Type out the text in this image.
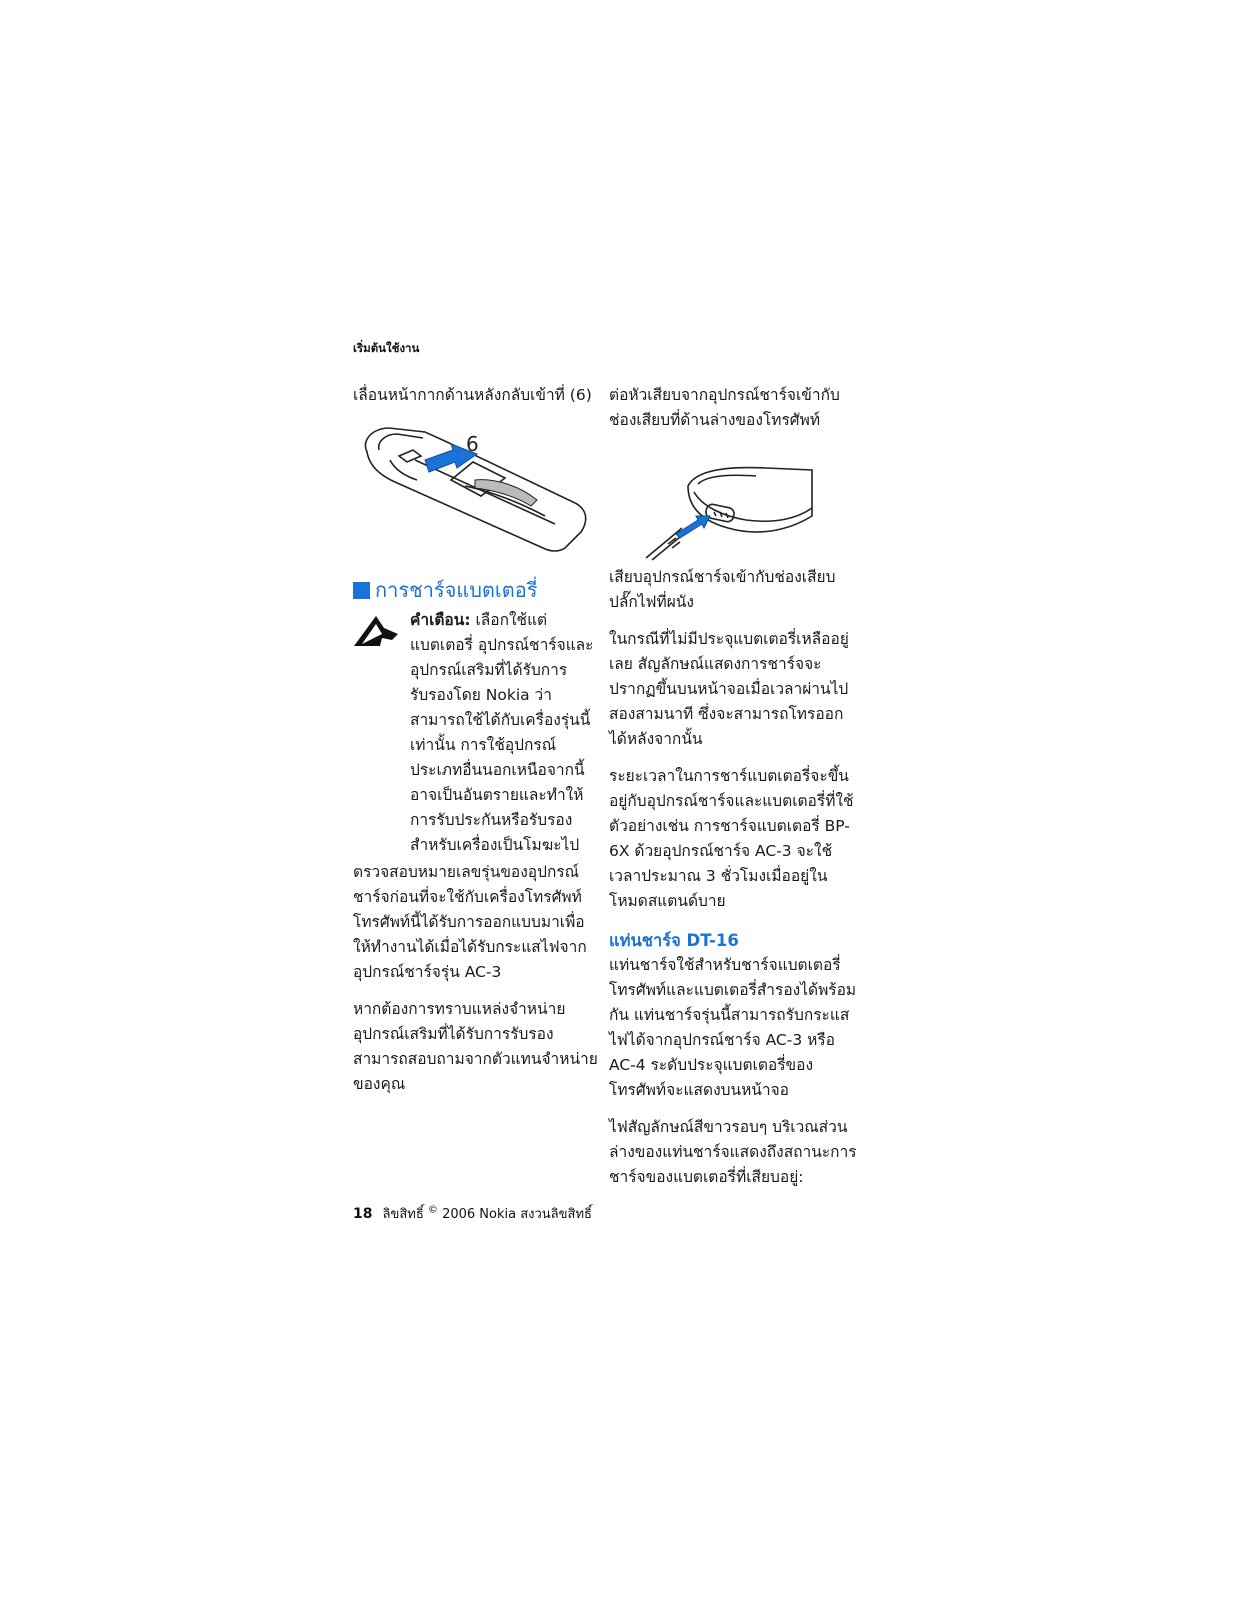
เริ่มต้นใช้งาน

เลื่อนหน้ากากด้านหลังกลับเข้าที่ (6)

6
การชาร์จแบตเตอรี่
คำเตือน: เลือกใช้แต่แบตเตอรี่ อุปกรณ์ชาร์จและอุปกรณ์เสริมที่ได้รับการรับรองโดย Nokia ว่าสามารถใช้ได้กับเครื่องรุ่นนี้เท่านั้น การใช้อุปกรณ์ประเภทอื่นนอกเหนือจากนี้ อาจเป็นอันตรายและทำให้การรับประกันหรือรับรองสำหรับเครื่องเป็นโมฆะไป

ตรวจสอบหมายเลขรุ่นของอุปกรณ์ชาร์จก่อนที่จะใช้กับเครื่องโทรศัพท์ โทรศัพท์นี้ได้รับการออกแบบมาเพื่อให้ทำงานได้เมื่อได้รับกระแสไฟจากอุปกรณ์ชาร์จรุ่น AC-3

หากต้องการทราบแหล่งจำหน่ายอุปกรณ์เสริมที่ได้รับการรับรอง สามารถสอบถามจากตัวแทนจำหน่ายของคุณ

ต่อหัวเสียบจากอุปกรณ์ชาร์จเข้ากับช่องเสียบที่ด้านล่างของโทรศัพท์

เสียบอุปกรณ์ชาร์จเข้ากับช่องเสียบปลั๊กไฟที่ผนัง

ในกรณีที่ไม่มีประจุแบตเตอรี่เหลืออยู่เลย สัญลักษณ์แสดงการชาร์จจะปรากฏขึ้นบนหน้าจอเมื่อเวลาผ่านไปสองสามนาที ซึ่งจะสามารถโทรออกได้หลังจากนั้น

ระยะเวลาในการชาร์แบตเตอรี่จะขึ้นอยู่กับอุปกรณ์ชาร์จและแบตเตอรี่ที่ใช้ ตัวอย่างเช่น การชาร์จแบตเตอรี่ BP-6X ด้วยอุปกรณ์ชาร์จ AC-3 จะใช้เวลาประมาณ 3 ชั่วโมงเมื่ออยู่ในโหมดสแตนด์บาย

แท่นชาร์จ DT-16

แท่นชาร์จใช้สำหรับชาร์จแบตเตอรี่โทรศัพท์และแบตเตอรี่สำรองได้พร้อมกัน แท่นชาร์จรุ่นนี้สามารถรับกระแสไฟได้จากอุปกรณ์ชาร์จ AC-3 หรือ AC-4 ระดับประจุแบตเตอรี่ของโทรศัพท์จะแสดงบนหน้าจอ

ไฟสัญลักษณ์สีขาวรอบๆ บริเวณส่วนล่างของแท่นชาร์จแสดงถึงสถานะการชาร์จของแบตเตอรี่ที่เสียบอยู่:

18 ลิขสิทธิ์ © 2006 Nokia สงวนลิขสิทธิ์
